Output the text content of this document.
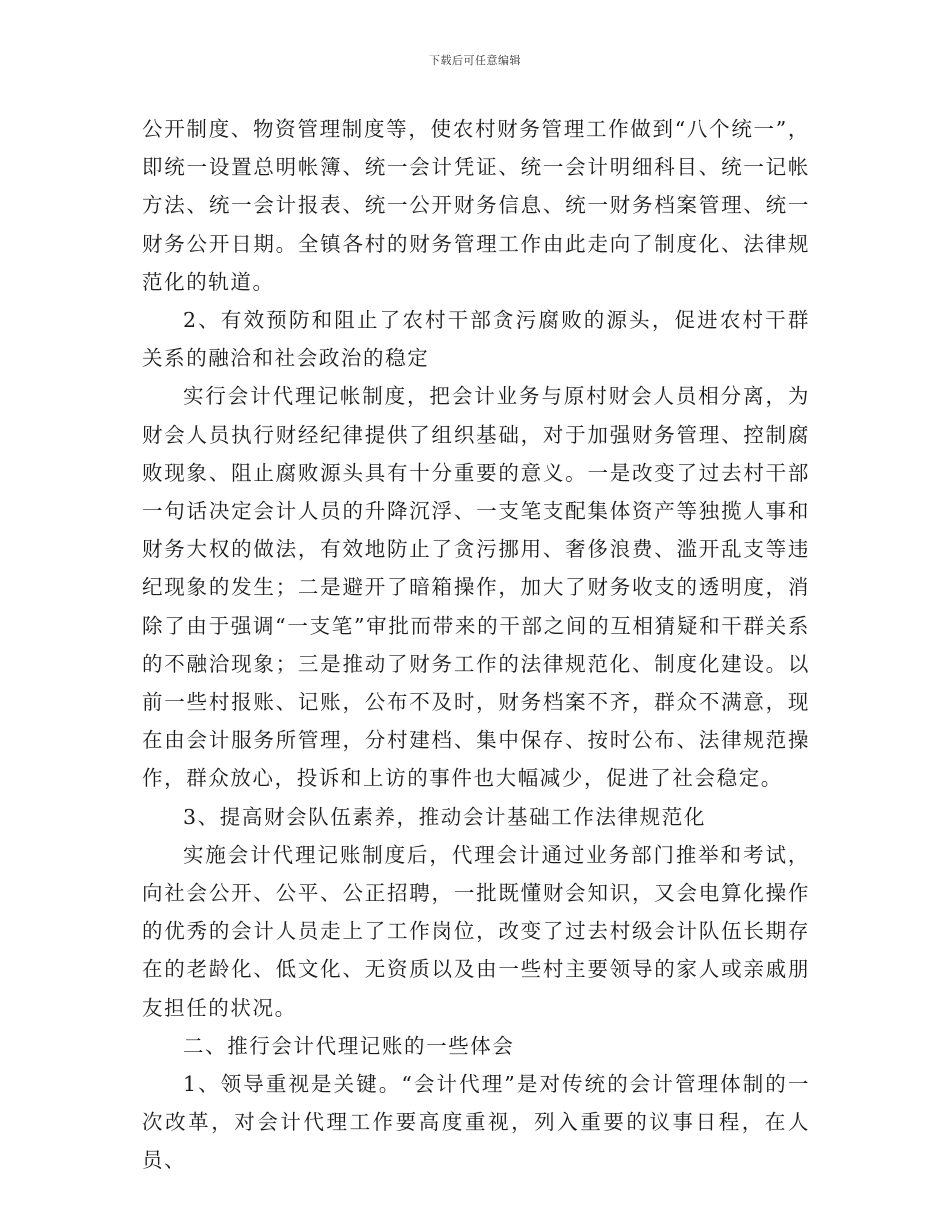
下载后可任意编辑

公开制度、物资管理制度等，使农村财务管理工作做到“八个统一”，即统一设置总明帐簿、统一会计凭证、统一会计明细科目、统一记帐方法、统一会计报表、统一公开财务信息、统一财务档案管理、统一财务公开日期。全镇各村的财务管理工作由此走向了制度化、法律规范化的轨道。

2、有效预防和阻止了农村干部贪污腐败的源头，促进农村干群关系的融洽和社会政治的稳定

实行会计代理记帐制度，把会计业务与原村财会人员相分离，为财会人员执行财经纪律提供了组织基础，对于加强财务管理、控制腐败现象、阻止腐败源头具有十分重要的意义。一是改变了过去村干部一句话决定会计人员的升降沉浮、一支笔支配集体资产等独揽人事和财务大权的做法，有效地防止了贪污挪用、奢侈浪费、滥开乱支等违纪现象的发生；二是避开了暗箱操作，加大了财务收支的透明度，消除了由于强调“一支笔”审批而带来的干部之间的互相猜疑和干群关系的不融洽现象；三是推动了财务工作的法律规范化、制度化建设。以前一些村报账、记账，公布不及时，财务档案不齐，群众不满意，现在由会计服务所管理，分村建档、集中保存、按时公布、法律规范操作，群众放心，投诉和上访的事件也大幅减少，促进了社会稳定。

3、提高财会队伍素养，推动会计基础工作法律规范化

实施会计代理记账制度后，代理会计通过业务部门推举和考试，向社会公开、公平、公正招聘，一批既懂财会知识，又会电算化操作的优秀的会计人员走上了工作岗位，改变了过去村级会计队伍长期存在的老龄化、低文化、无资质以及由一些村主要领导的家人或亲戚朋友担任的状况。

二、推行会计代理记账的一些体会

1、领导重视是关键。“会计代理”是对传统的会计管理体制的一次改革，对会计代理工作要高度重视，列入重要的议事日程，在人员、
